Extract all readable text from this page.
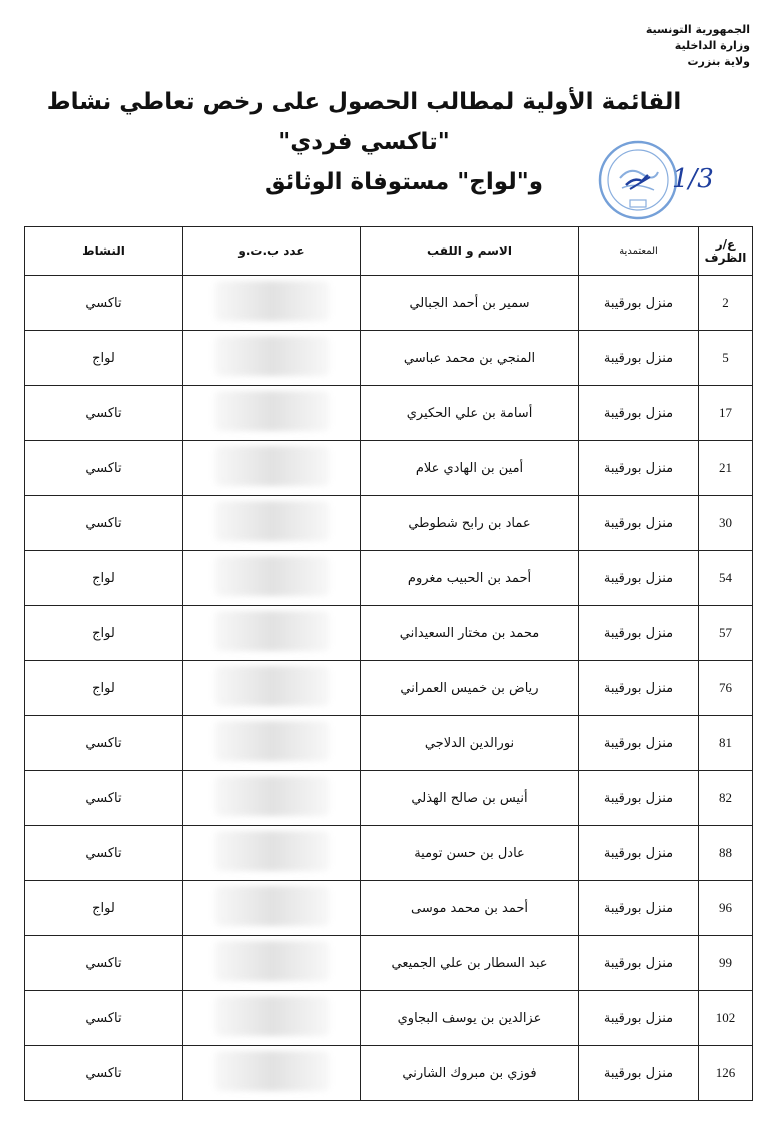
الجمهورية التونسية
وزارة الداخلية
ولاية بنزرت
القائمة الأولية لمطالب الحصول على رخص تعاطي نشاط "تاكسي فردي"
و"لواج" مستوفاة الوثائق	1/3
ع/ر الظرف	المعتمدية	الاسم و اللقب	عدد ب.ت.و	النشاط
2	منزل بورقيبة	سمير بن أحمد الجبالي		تاكسي
5	منزل بورقيبة	المنجي بن محمد عباسي		لواج
17	منزل بورقيبة	أسامة بن علي الحكيري		تاكسي
21	منزل بورقيبة	أمين بن الهادي علام		تاكسي
30	منزل بورقيبة	عماد بن رابح شطوطي		تاكسي
54	منزل بورقيبة	أحمد بن الحبيب مغروم		لواج
57	منزل بورقيبة	محمد بن مختار السعيداني		لواج
76	منزل بورقيبة	رياض بن خميس العمراني		لواج
81	منزل بورقيبة	نورالدين الدلاجي		تاكسي
82	منزل بورقيبة	أنيس بن صالح الهذلي		تاكسي
88	منزل بورقيبة	عادل بن حسن تومية		تاكسي
96	منزل بورقيبة	أحمد بن محمد موسى		لواج
99	منزل بورقيبة	عبد السطار بن علي الجميعي		تاكسي
102	منزل بورقيبة	عزالدين بن يوسف البجاوي		تاكسي
126	منزل بورقيبة	فوزي بن مبروك الشارني		تاكسي
